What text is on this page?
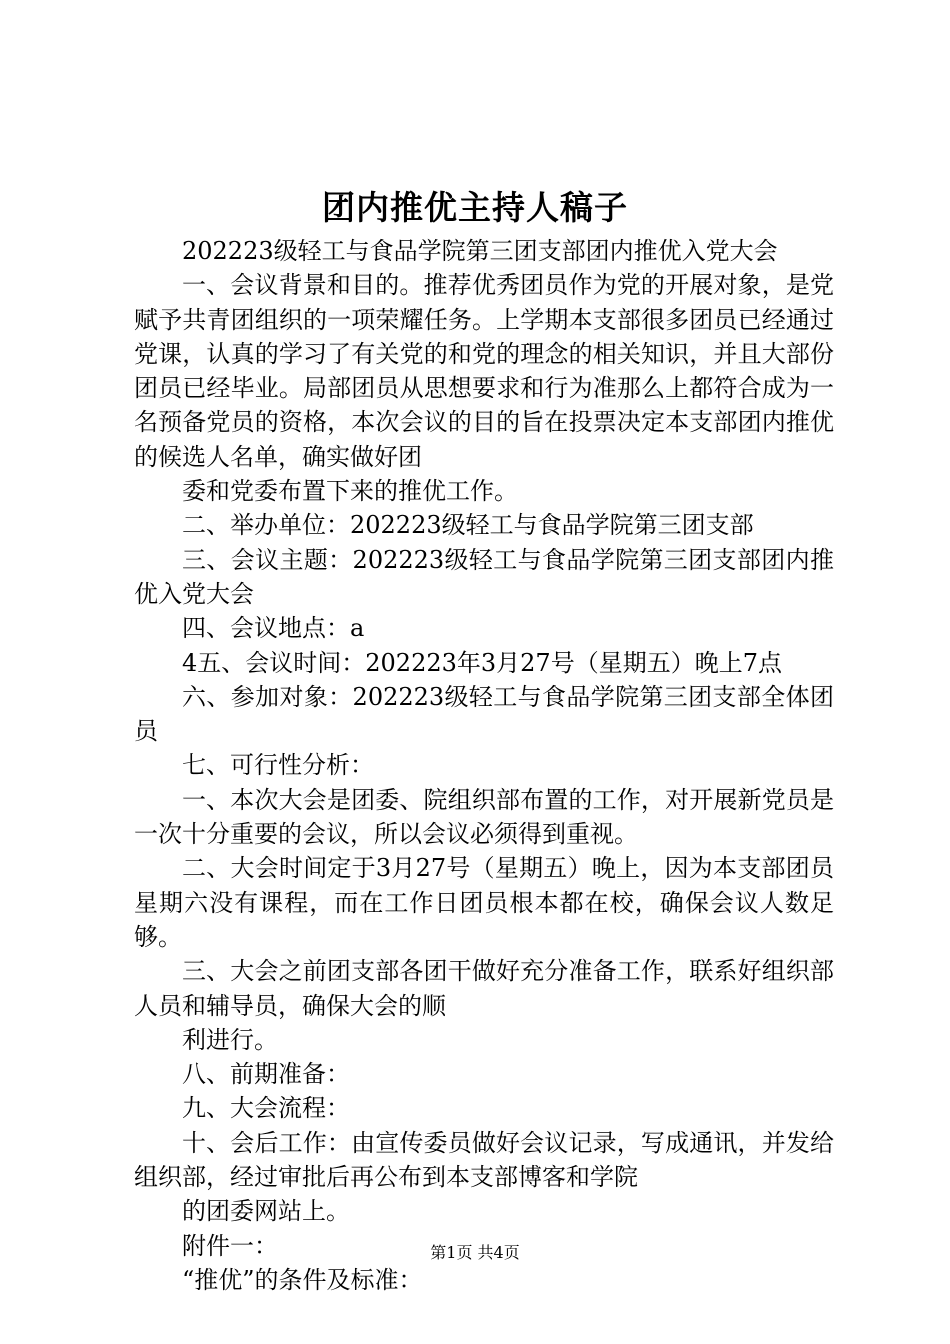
团内推优主持人稿子

202223级轻工与食品学院第三团支部团内推优入党大会

一、会议背景和目的。推荐优秀团员作为党的开展对象，是党赋予共青团组织的一项荣耀任务。上学期本支部很多团员已经通过党课，认真的学习了有关党的和党的理念的相关知识，并且大部份团员已经毕业。局部团员从思想要求和行为准那么上都符合成为一名预备党员的资格，本次会议的目的旨在投票决定本支部团内推优的候选人名单，确实做好团

委和党委布置下来的推优工作。

二、举办单位：202223级轻工与食品学院第三团支部

三、会议主题：202223级轻工与食品学院第三团支部团内推优入党大会

四、会议地点：a

4五、会议时间：202223年3月27号（星期五）晚上7点

六、参加对象：202223级轻工与食品学院第三团支部全体团员

七、可行性分析：

一、本次大会是团委、院组织部布置的工作，对开展新党员是一次十分重要的会议，所以会议必须得到重视。

二、大会时间定于3月27号（星期五）晚上，因为本支部团员星期六没有课程，而在工作日团员根本都在校，确保会议人数足够。

三、大会之前团支部各团干做好充分准备工作，联系好组织部人员和辅导员，确保大会的顺

利进行。

八、前期准备：

九、大会流程：

十、会后工作：由宣传委员做好会议记录，写成通讯，并发给组织部，经过审批后再公布到本支部博客和学院

的团委网站上。

附件一：

“推优”的条件及标准：

第1页 共4页
